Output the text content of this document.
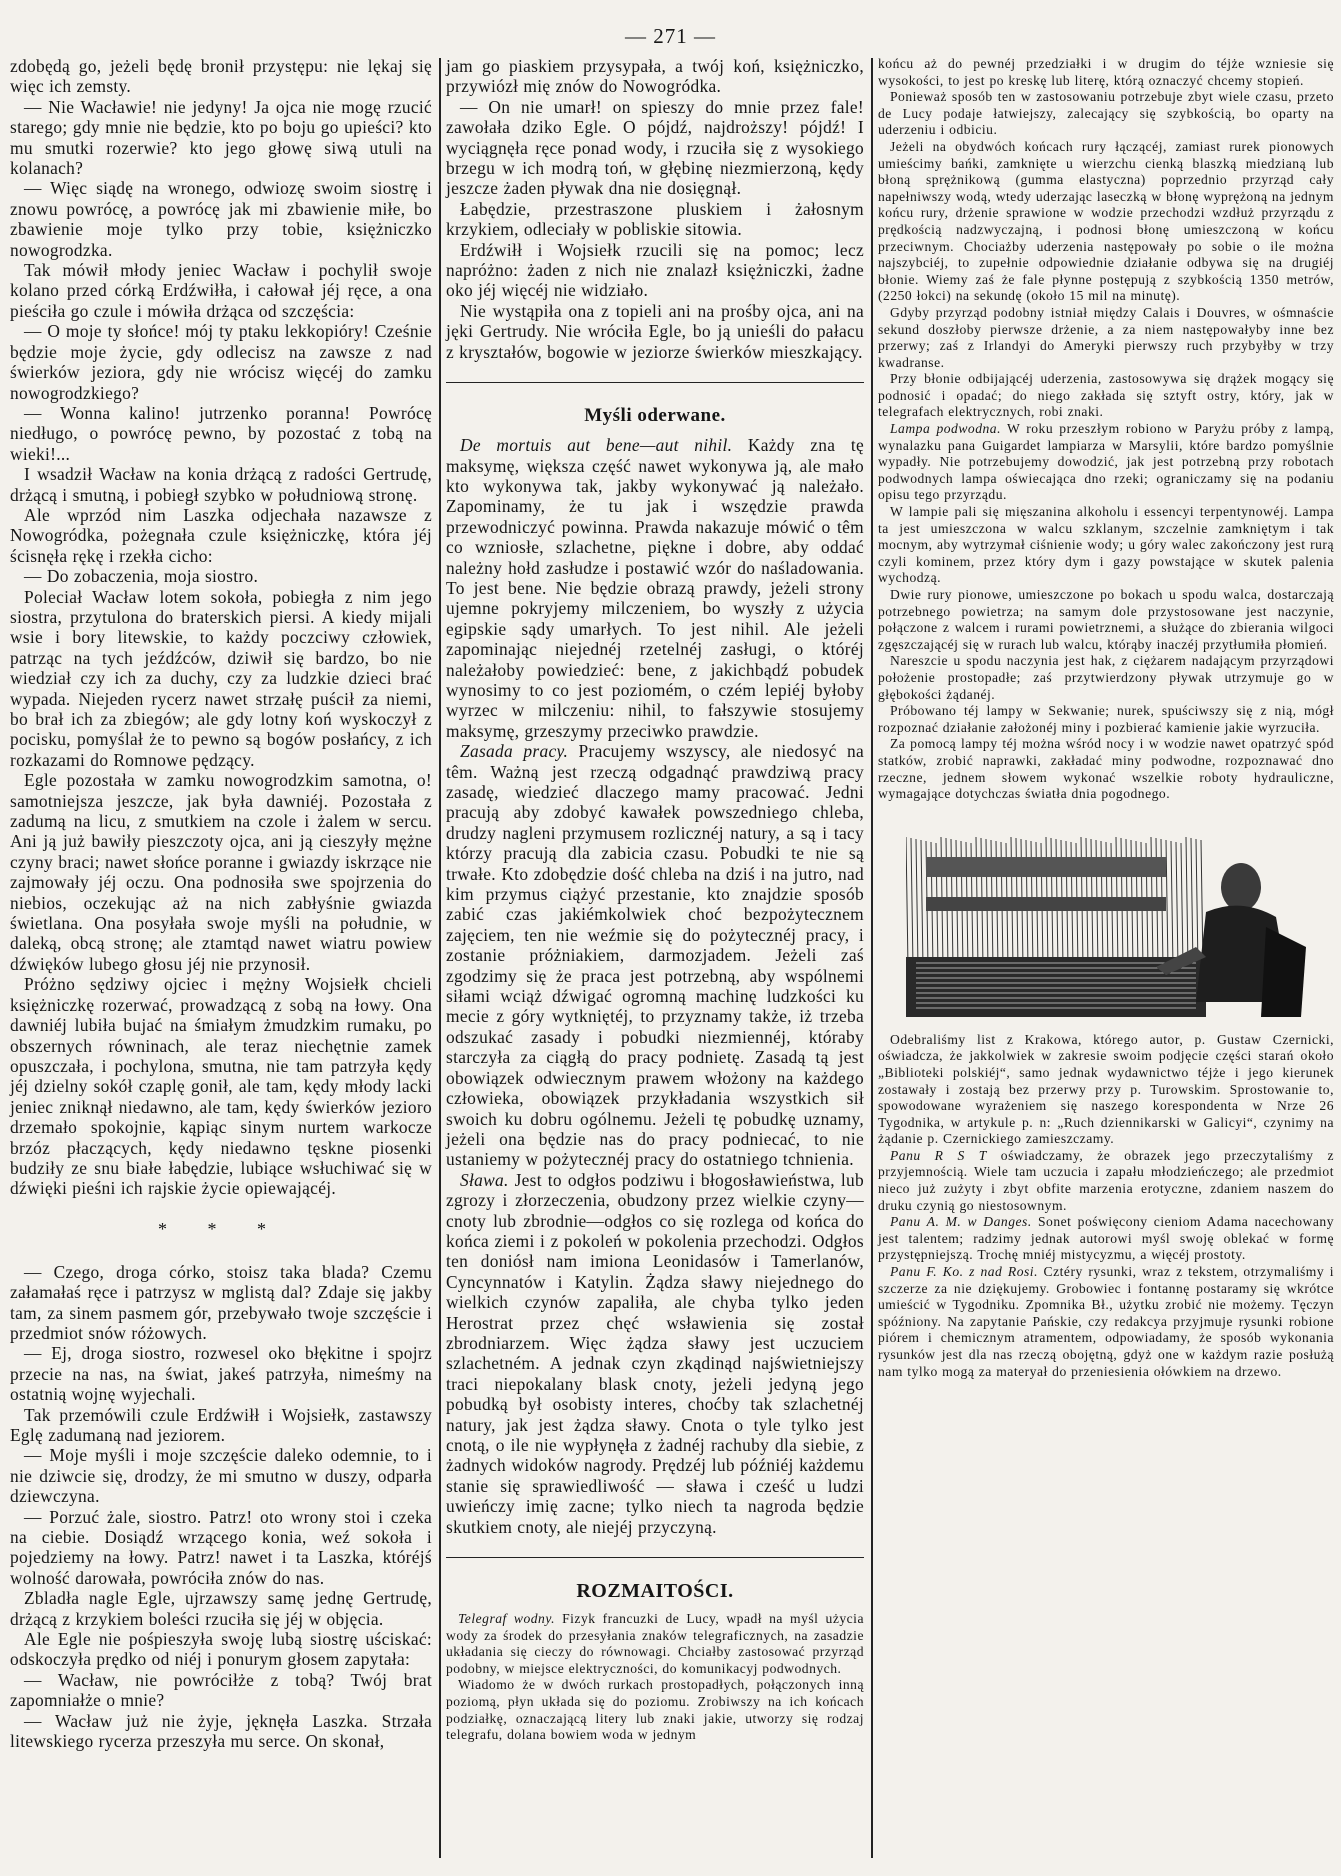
— 271 —

zdobędą go, jeżeli będę bronił przystępu: nie lękaj się więc ich zemsty.

— Nie Wacławie! nie jedyny! Ja ojca nie mogę rzucić starego; gdy mnie nie będzie, kto po boju go upieści? kto mu smutki rozerwie? kto jego głowę siwą utuli na kolanach?

— Więc siądę na wronego, odwiozę swoim siostrę i znowu powrócę, a powrócę jak mi zbawienie miłe, bo zbawienie moje tylko przy tobie, księżniczko nowogrodzka.

Tak mówił młody jeniec Wacław i pochylił swoje kolano przed córką Erdźwiłła, i całował jéj ręce, a ona pieściła go czule i mówiła drżąca od szczęścia:

— O moje ty słońce! mój ty ptaku lekkopióry! Cześnie będzie moje życie, gdy odlecisz na zawsze z nad świerków jeziora, gdy nie wrócisz więcéj do zamku nowogrodzkiego?

— Wonna kalino! jutrzenko poranna! Powrócę niedługo, o powrócę pewno, by pozostać z tobą na wieki!...

I wsadził Wacław na konia drżącą z radości Gertrudę, drżącą i smutną, i pobiegł szybko w południową stronę.

Ale wprzód nim Laszka odjechała nazawsze z Nowogródka, pożegnała czule księżniczkę, która jéj ścisnęła rękę i rzekła cicho:

— Do zobaczenia, moja siostro.

Poleciał Wacław lotem sokoła, pobiegła z nim jego siostra, przytulona do braterskich piersi. A kiedy mijali wsie i bory litewskie, to każdy poczciwy człowiek, patrząc na tych jeźdźców, dziwił się bardzo, bo nie wiedział czy ich za duchy, czy za ludzkie dzieci brać wypada. Niejeden rycerz nawet strzałę puścił za niemi, bo brał ich za zbiegów; ale gdy lotny koń wyskoczył z pocisku, pomyślał że to pewno są bogów posłańcy, z ich rozkazami do Romnowe pędzący.

Egle pozostała w zamku nowogrodzkim samotna, o! samotniejsza jeszcze, jak była dawniéj. Pozostała z zadumą na licu, z smutkiem na czole i żalem w sercu. Ani ją już bawiły pieszczoty ojca, ani ją cieszyły mężne czyny braci; nawet słońce poranne i gwiazdy iskrzące nie zajmowały jéj oczu. Ona podnosiła swe spojrzenia do niebios, oczekując aż na nich zabłyśnie gwiazda świetlana. Ona posyłała swoje myśli na południe, w daleką, obcą stronę; ale ztamtąd nawet wiatru powiew dźwięków lubego głosu jéj nie przynosił.

Próżno sędziwy ojciec i mężny Wojsiełk chcieli księżniczkę rozerwać, prowadzącą z sobą na łowy. Ona dawniéj lubiła bujać na śmiałym żmudzkim rumaku, po obszernych równinach, ale teraz niechętnie zamek opuszczała, i pochylona, smutna, nie tam patrzyła kędy jéj dzielny sokół czaplę gonił, ale tam, kędy młody lacki jeniec zniknął niedawno, ale tam, kędy świerków jezioro drzemało spokojnie, kąpiąc sinym nurtem warkocze brzóz płaczących, kędy niedawno tęskne piosenki budziły ze snu białe łabędzie, lubiące wsłuchiwać się w dźwięki pieśni ich rajskie życie opiewającéj.

* * *

— Czego, droga córko, stoisz taka blada? Czemu załamałaś ręce i patrzysz w mglistą dal? Zdaje się jakby tam, za sinem pasmem gór, przebywało twoje szczęście i przedmiot snów różowych.

— Ej, droga siostro, rozwesel oko błękitne i spojrz przecie na nas, na świat, jakeś patrzyła, nimeśmy na ostatnią wojnę wyjechali.

Tak przemówili czule Erdźwiłł i Wojsiełk, zastawszy Eglę zadumaną nad jeziorem.

— Moje myśli i moje szczęście daleko odemnie, to i nie dziwcie się, drodzy, że mi smutno w duszy, odparła dziewczyna.

— Porzuć żale, siostro. Patrz! oto wrony stoi i czeka na ciebie. Dosiądź wrzącego konia, weź sokoła i pojedziemy na łowy. Patrz! nawet i ta Laszka, któréjś wolność darowała, powróciła znów do nas.

Zbladła nagle Egle, ujrzawszy samę jednę Gertrudę, drżącą z krzykiem boleści rzuciła się jéj w objęcia.

Ale Egle nie pośpieszyła swoję lubą siostrę uściskać: odskoczyła prędko od niéj i ponurym głosem zapytała:

— Wacław, nie powróciłże z tobą? Twój brat zapomniałże o mnie?

— Wacław już nie żyje, jęknęła Laszka. Strzała litewskiego rycerza przeszyła mu serce. On skonał,

jam go piaskiem przysypała, a twój koń, księżniczko, przywiózł mię znów do Nowogródka.

— On nie umarł! on spieszy do mnie przez fale! zawołała dziko Egle. O pójdź, najdroższy! pójdź! I wyciągnęła ręce ponad wody, i rzuciła się z wysokiego brzegu w ich modrą toń, w głębinę niezmierzoną, kędy jeszcze żaden pływak dna nie dosięgnął.

Łabędzie, przestraszone pluskiem i żałosnym krzykiem, odleciały w pobliskie sitowia.

Erdźwiłł i Wojsiełk rzucili się na pomoc; lecz napróżno: żaden z nich nie znalazł księżniczki, żadne oko jéj więcéj nie widziało.

Nie wystąpiła ona z topieli ani na prośby ojca, ani na jęki Gertrudy. Nie wróciła Egle, bo ją unieśli do pałacu z kryształów, bogowie w jeziorze świerków mieszkający.

Myśli oderwane.

De mortuis aut bene—aut nihil. Każdy zna tę maksymę, większa część nawet wykonywa ją, ale mało kto wykonywa tak, jakby wykonywać ją należało. Zapominamy, że tu jak i wszędzie prawda przewodniczyć powinna. Prawda nakazuje mówić o têm co wzniosłe, szlachetne, piękne i dobre, aby oddać należny hołd zasłudze i postawić wzór do naśladowania. To jest bene. Nie będzie obrazą prawdy, jeżeli strony ujemne pokryjemy milczeniem, bo wyszły z użycia egipskie sądy umarłych. To jest nihil. Ale jeżeli zapominając niejednéj rzetelnéj zasługi, o któréj należałoby powiedzieć: bene, z jakichbądź pobudek wynosimy to co jest poziomém, o czém lepiéj byłoby wyrzec w milczeniu: nihil, to fałszywie stosujemy maksymę, grzeszymy przeciwko prawdzie.

Zasada pracy. Pracujemy wszyscy, ale niedosyć na têm. Ważną jest rzeczą odgadnąć prawdziwą pracy zasadę, wiedzieć dlaczego mamy pracować. Jedni pracują aby zdobyć kawałek powszedniego chleba, drudzy nagleni przymusem rozlicznéj natury, a są i tacy którzy pracują dla zabicia czasu. Pobudki te nie są trwałe. Kto zdobędzie dość chleba na dziś i na jutro, nad kim przymus ciążyć przestanie, kto znajdzie sposób zabić czas jakiémkolwiek choć bezpożytecznem zajęciem, ten nie weźmie się do pożytecznéj pracy, i zostanie próżniakiem, darmozjadem. Jeżeli zaś zgodzimy się że praca jest potrzebną, aby wspólnemi siłami wciąż dźwigać ogromną machinę ludzkości ku mecie z góry wytkniętéj, to przyznamy także, iż trzeba odszukać zasady i pobudki niezmiennéj, któraby starczyła za ciągłą do pracy podnietę. Zasadą tą jest obowiązek odwiecznym prawem włożony na każdego człowieka, obowiązek przykładania wszystkich sił swoich ku dobru ogólnemu. Jeżeli tę pobudkę uznamy, jeżeli ona będzie nas do pracy podniecać, to nie ustaniemy w pożytecznéj pracy do ostatniego tchnienia.

Sława. Jest to odgłos podziwu i błogosławieństwa, lub zgrozy i złorzeczenia, obudzony przez wielkie czyny—cnoty lub zbrodnie—odgłos co się rozlega od końca do końca ziemi i z pokoleń w pokolenia przechodzi. Odgłos ten doniósł nam imiona Leonidasów i Tamerlanów, Cyncynnatów i Katylin. Żądza sławy niejednego do wielkich czynów zapaliła, ale chyba tylko jeden Herostrat przez chęć wsławienia się został zbrodniarzem. Więc żądza sławy jest uczuciem szlachetném. A jednak czyn zkądinąd najświetniejszy traci niepokalany blask cnoty, jeżeli jedyną jego pobudką był osobisty interes, choćby tak szlachetnéj natury, jak jest żądza sławy. Cnota o tyle tylko jest cnotą, o ile nie wypłynęła z żadnéj rachuby dla siebie, z żadnych widoków nagrody. Prędzéj lub późniéj każdemu stanie się sprawiedliwość — sława i cześć u ludzi uwieńczy imię zacne; tylko niech ta nagroda będzie skutkiem cnoty, ale niejéj przyczyną.

ROZMAITOŚCI.

Telegraf wodny. Fizyk francuzki de Lucy, wpadł na myśl użycia wody za środek do przesyłania znaków telegraficznych, na zasadzie układania się cieczy do równowagi. Chciałby zastosować przyrząd podobny, w miejsce elektryczności, do komunikacyj podwodnych.

Wiadomo że w dwóch rurkach prostopadłych, połączonych inną poziomą, płyn układa się do poziomu. Zrobiwszy na ich końcach podziałkę, oznaczającą litery lub znaki jakie, utworzy się rodzaj telegrafu, dolana bowiem woda w jednym

końcu aż do pewnéj przedziałki i w drugim do téjże wzniesie się wysokości, to jest po kreskę lub literę, którą oznaczyć chcemy stopień.

Ponieważ sposób ten w zastosowaniu potrzebuje zbyt wiele czasu, przeto de Lucy podaje łatwiejszy, zalecający się szybkością, bo oparty na uderzeniu i odbiciu.

Jeżeli na obydwóch końcach rury łączącéj, zamiast rurek pionowych umieścimy bańki, zamknięte u wierzchu cienką blaszką miedzianą lub błoną sprężnikową (gumma elastyczna) poprzednio przyrząd cały napełniwszy wodą, wtedy uderzając laseczką w błonę wyprężoną na jednym końcu rury, drżenie sprawione w wodzie przechodzi wzdłuż przyrządu z prędkością nadzwyczajną, i podnosi błonę umieszczoną w końcu przeciwnym. Chociażby uderzenia następowały po sobie o ile można najszybciéj, to zupełnie odpowiednie działanie odbywa się na drugiéj błonie. Wiemy zaś że fale płynne postępują z szybkością 1350 metrów, (2250 łokci) na sekundę (około 15 mil na minutę).

Gdyby przyrząd podobny istniał między Calais i Douvres, w ośmnaście sekund doszłoby pierwsze drżenie, a za niem następowałyby inne bez przerwy; zaś z Irlandyi do Ameryki pierwszy ruch przybyłby w trzy kwadranse.

Przy błonie odbijającéj uderzenia, zastosowywa się drążek mogący się podnosić i opadać; do niego zakłada się sztyft ostry, który, jak w telegrafach elektrycznych, robi znaki.

Lampa podwodna. W roku przeszłym robiono w Paryżu próby z lampą, wynalazku pana Guigardet lampiarza w Marsylii, które bardzo pomyślnie wypadły. Nie potrzebujemy dowodzić, jak jest potrzebną przy robotach podwodnych lampa oświecająca dno rzeki; ograniczamy się na podaniu opisu tego przyrządu.

W lampie pali się mięszanina alkoholu i essencyi terpentynowéj. Lampa ta jest umieszczona w walcu szklanym, szczelnie zamkniętym i tak mocnym, aby wytrzymał ciśnienie wody; u góry walec zakończony jest rurą czyli kominem, przez który dym i gazy powstające w skutek palenia wychodzą.

Dwie rury pionowe, umieszczone po bokach u spodu walca, dostarczają potrzebnego powietrza; na samym dole przystosowane jest naczynie, połączone z walcem i rurami powietrznemi, a służące do zbierania wilgoci zgęszczającéj się w rurach lub walcu, którąby inaczéj przytłumiła płomień.

Nareszcie u spodu naczynia jest hak, z ciężarem nadającym przyrządowi położenie prostopadłe; zaś przytwierdzony pływak utrzymuje go w głębokości żądanéj.

Próbowano téj lampy w Sekwanie; nurek, spuściwszy się z nią, mógł rozpoznać działanie założonéj miny i pozbierać kamienie jakie wyrzuciła.

Za pomocą lampy téj można wśród nocy i w wodzie nawet opatrzyć spód statków, zrobić naprawki, zakładać miny podwodne, rozpoznawać dno rzeczne, jednem słowem wykonać wszelkie roboty hydrauliczne, wymagające dotychczas światła dnia pogodnego.

Odebraliśmy list z Krakowa, którego autor, p. Gustaw Czernicki, oświadcza, że jakkolwiek w zakresie swoim podjęcie części starań około „Biblioteki polskiéj“, samo jednak wydawnictwo téjże i jego kierunek zostawały i zostają bez przerwy przy p. Turowskim. Sprostowanie to, spowodowane wyrażeniem się naszego korespondenta w Nrze 26 Tygodnika, w artykule p. n: „Ruch dziennikarski w Galicyi“, czynimy na żądanie p. Czernickiego zamieszczamy.

Panu R S T oświadczamy, że obrazek jego przeczytaliśmy z przyjemnością. Wiele tam uczucia i zapału młodzieńczego; ale przedmiot nieco już zużyty i zbyt obfite marzenia erotyczne, zdaniem naszem do druku czynią go niestosownym.

Panu A. M. w Danges. Sonet poświęcony cieniom Adama nacechowany jest talentem; radzimy jednak autorowi myśl swoję oblekać w formę przystępniejszą. Trochę mniéj mistycyzmu, a więcéj prostoty.

Panu F. Ko. z nad Rosi. Cztéry rysunki, wraz z tekstem, otrzymaliśmy i szczerze za nie dziękujemy. Grobowiec i fontannę postaramy się wkrótce umieścić w Tygodniku. Zpomnika Bł., użytku zrobić nie możemy. Tęczyn spóźniony. Na zapytanie Pańskie, czy redakcya przyjmuje rysunki robione piórem i chemicznym atramentem, odpowiadamy, że sposób wykonania rysunków jest dla nas rzeczą obojętną, gdyż one w każdym razie posłużą nam tylko mogą za materyał do przeniesienia ołówkiem na drzewo.
